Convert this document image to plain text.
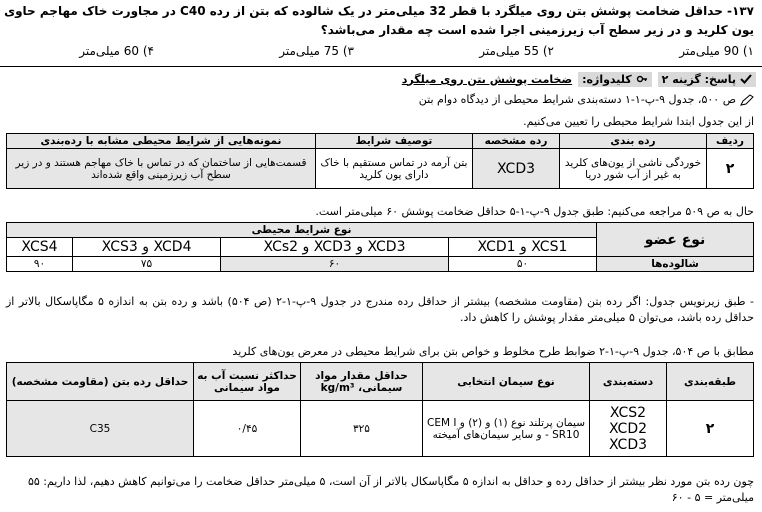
۱۳۷- حداقل ضخامت پوشش بتن روی میلگرد با قطر 32 میلی‌متر در یک شالوده که بتن از رده C40 در مجاورت خاک مهاجم حاوی یون کلرید و در زیر سطح آب زیرزمینی اجرا شده است چه مقدار می‌باشد؟
۱) 90 میلی‌متر
۲) 55 میلی‌متر
۳) 75 میلی‌متر
۴) 60 میلی‌متر
پاسخ: گزینه ۲
کلیدواژه:
ضخامت پوشش بتن روی میلگرد
ص ۵۰۰، جدول ۹-پ-۱-۱ دسته‌بندی شرایط محیطی از دیدگاه دوام بتن
از این جدول ابتدا شرایط محیطی را تعیین می‌کنیم.
ردیف	رده بندی	رده مشخصه	توصیف شرایط	نمونه‌هایی از شرایط محیطی مشابه با رده‌بندی
۲	خوردگی ناشی از یون‌های کلرید به غیر از آب شور دریا	XCD3	بتن آرمه در تماس مستقیم با خاک دارای یون کلرید	قسمت‌هایی از ساختمان که در تماس با خاک مهاجم هستند و در زیر سطح آب زیرزمینی واقع شده‌اند
حال به ص ۵۰۹ مراجعه می‌کنیم: طبق جدول ۹-پ-۱-۵ حداقل ضخامت پوشش ۶۰ میلی‌متر است.
نوع عضو	نوع شرایط محیطی			
	XCS1 و XCD1	XCD3 و XCD3 و XCs2	XCD4 و XCS3	XCS4
شالوده‌ها	۵۰	۶۰	۷۵	۹۰
- طبق زیرنویس جدول: اگر رده بتن (مقاومت مشخصه) بیشتر از حداقل رده مندرج در جدول ۹-پ-۱-۲ (ص ۵۰۴) باشد و رده بتن به اندازه ۵ مگاپاسکال بالاتر از حداقل رده باشد، می‌توان ۵ میلی‌متر مقدار پوشش را کاهش داد.
مطابق با ص ۵۰۴، جدول ۹-پ-۱-۲ ضوابط طرح مخلوط و خواص بتن برای شرایط محیطی در معرض یون‌های کلرید
طبقه‌بندی	دسته‌بندی	نوع سیمان انتخابی	حداقل مقدار مواد سیمانی، kg/m³	حداکثر نسبت آب به مواد سیمانی	حداقل رده بتن (مقاومت مشخصه)
۲	XCS2 XCD2 XCD3	سیمان پرتلند نوع (۱) و (۲) و CEM I - SR10 و سایر سیمان‌های آمیخته	۳۲۵	۰/۴۵	C35
چون رده بتن مورد نظر بیشتر از حداقل رده و حداقل به اندازه ۵ مگاپاسکال بالاتر از آن است، ۵ میلی‌متر حداقل ضخامت را می‌توانیم کاهش دهیم، لذا داریم: ۵۵ میلی‌متر = ۵ - ۶۰
